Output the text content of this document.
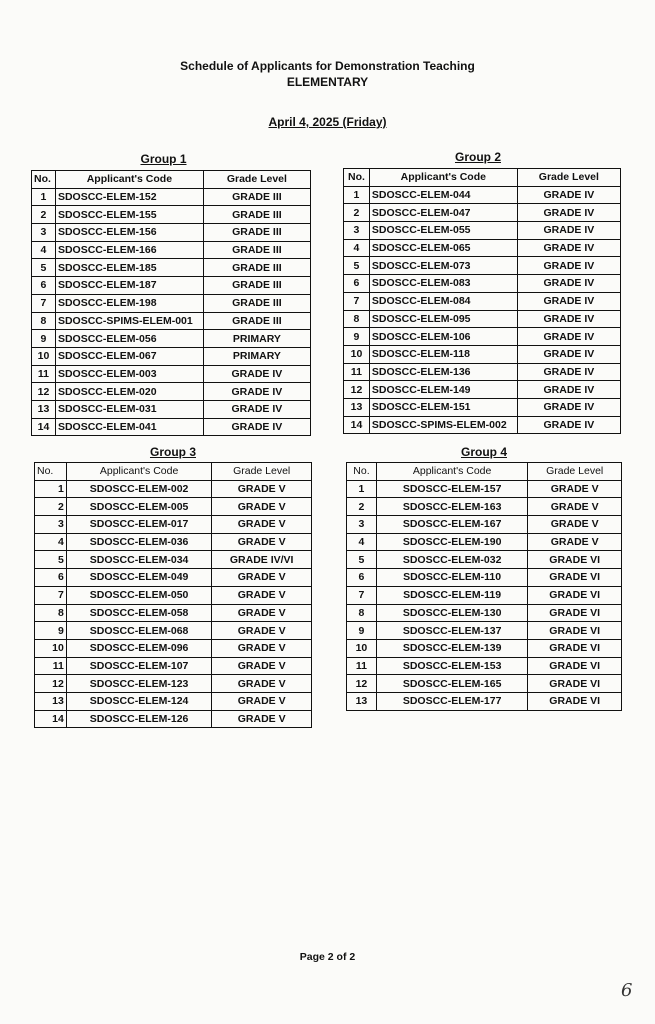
Schedule of Applicants for Demonstration Teaching
ELEMENTARY
April 4, 2025 (Friday)
Group 1	Group 2
Group 3	Group 4
No.	Applicant's Code	Grade Level
1	SDOSCC-ELEM-152	GRADE III
2	SDOSCC-ELEM-155	GRADE III
3	SDOSCC-ELEM-156	GRADE III
4	SDOSCC-ELEM-166	GRADE III
5	SDOSCC-ELEM-185	GRADE III
6	SDOSCC-ELEM-187	GRADE III
7	SDOSCC-ELEM-198	GRADE III
8	SDOSCC-SPIMS-ELEM-001	GRADE III
9	SDOSCC-ELEM-056	PRIMARY
10	SDOSCC-ELEM-067	PRIMARY
11	SDOSCC-ELEM-003	GRADE IV
12	SDOSCC-ELEM-020	GRADE IV
13	SDOSCC-ELEM-031	GRADE IV
14	SDOSCC-ELEM-041	GRADE IV
No.	Applicant's Code	Grade Level
1	SDOSCC-ELEM-044	GRADE IV
2	SDOSCC-ELEM-047	GRADE IV
3	SDOSCC-ELEM-055	GRADE IV
4	SDOSCC-ELEM-065	GRADE IV
5	SDOSCC-ELEM-073	GRADE IV
6	SDOSCC-ELEM-083	GRADE IV
7	SDOSCC-ELEM-084	GRADE IV
8	SDOSCC-ELEM-095	GRADE IV
9	SDOSCC-ELEM-106	GRADE IV
10	SDOSCC-ELEM-118	GRADE IV
11	SDOSCC-ELEM-136	GRADE IV
12	SDOSCC-ELEM-149	GRADE IV
13	SDOSCC-ELEM-151	GRADE IV
14	SDOSCC-SPIMS-ELEM-002	GRADE IV
No.	Applicant's Code	Grade Level
1	SDOSCC-ELEM-002	GRADE V
2	SDOSCC-ELEM-005	GRADE V
3	SDOSCC-ELEM-017	GRADE V
4	SDOSCC-ELEM-036	GRADE V
5	SDOSCC-ELEM-034	GRADE IV/VI
6	SDOSCC-ELEM-049	GRADE V
7	SDOSCC-ELEM-050	GRADE V
8	SDOSCC-ELEM-058	GRADE V
9	SDOSCC-ELEM-068	GRADE V
10	SDOSCC-ELEM-096	GRADE V
11	SDOSCC-ELEM-107	GRADE V
12	SDOSCC-ELEM-123	GRADE V
13	SDOSCC-ELEM-124	GRADE V
14	SDOSCC-ELEM-126	GRADE V
No.	Applicant's Code	Grade Level
1	SDOSCC-ELEM-157	GRADE V
2	SDOSCC-ELEM-163	GRADE V
3	SDOSCC-ELEM-167	GRADE V
4	SDOSCC-ELEM-190	GRADE V
5	SDOSCC-ELEM-032	GRADE VI
6	SDOSCC-ELEM-110	GRADE VI
7	SDOSCC-ELEM-119	GRADE VI
8	SDOSCC-ELEM-130	GRADE VI
9	SDOSCC-ELEM-137	GRADE VI
10	SDOSCC-ELEM-139	GRADE VI
11	SDOSCC-ELEM-153	GRADE VI
12	SDOSCC-ELEM-165	GRADE VI
13	SDOSCC-ELEM-177	GRADE VI
Page 2 of 2
6
